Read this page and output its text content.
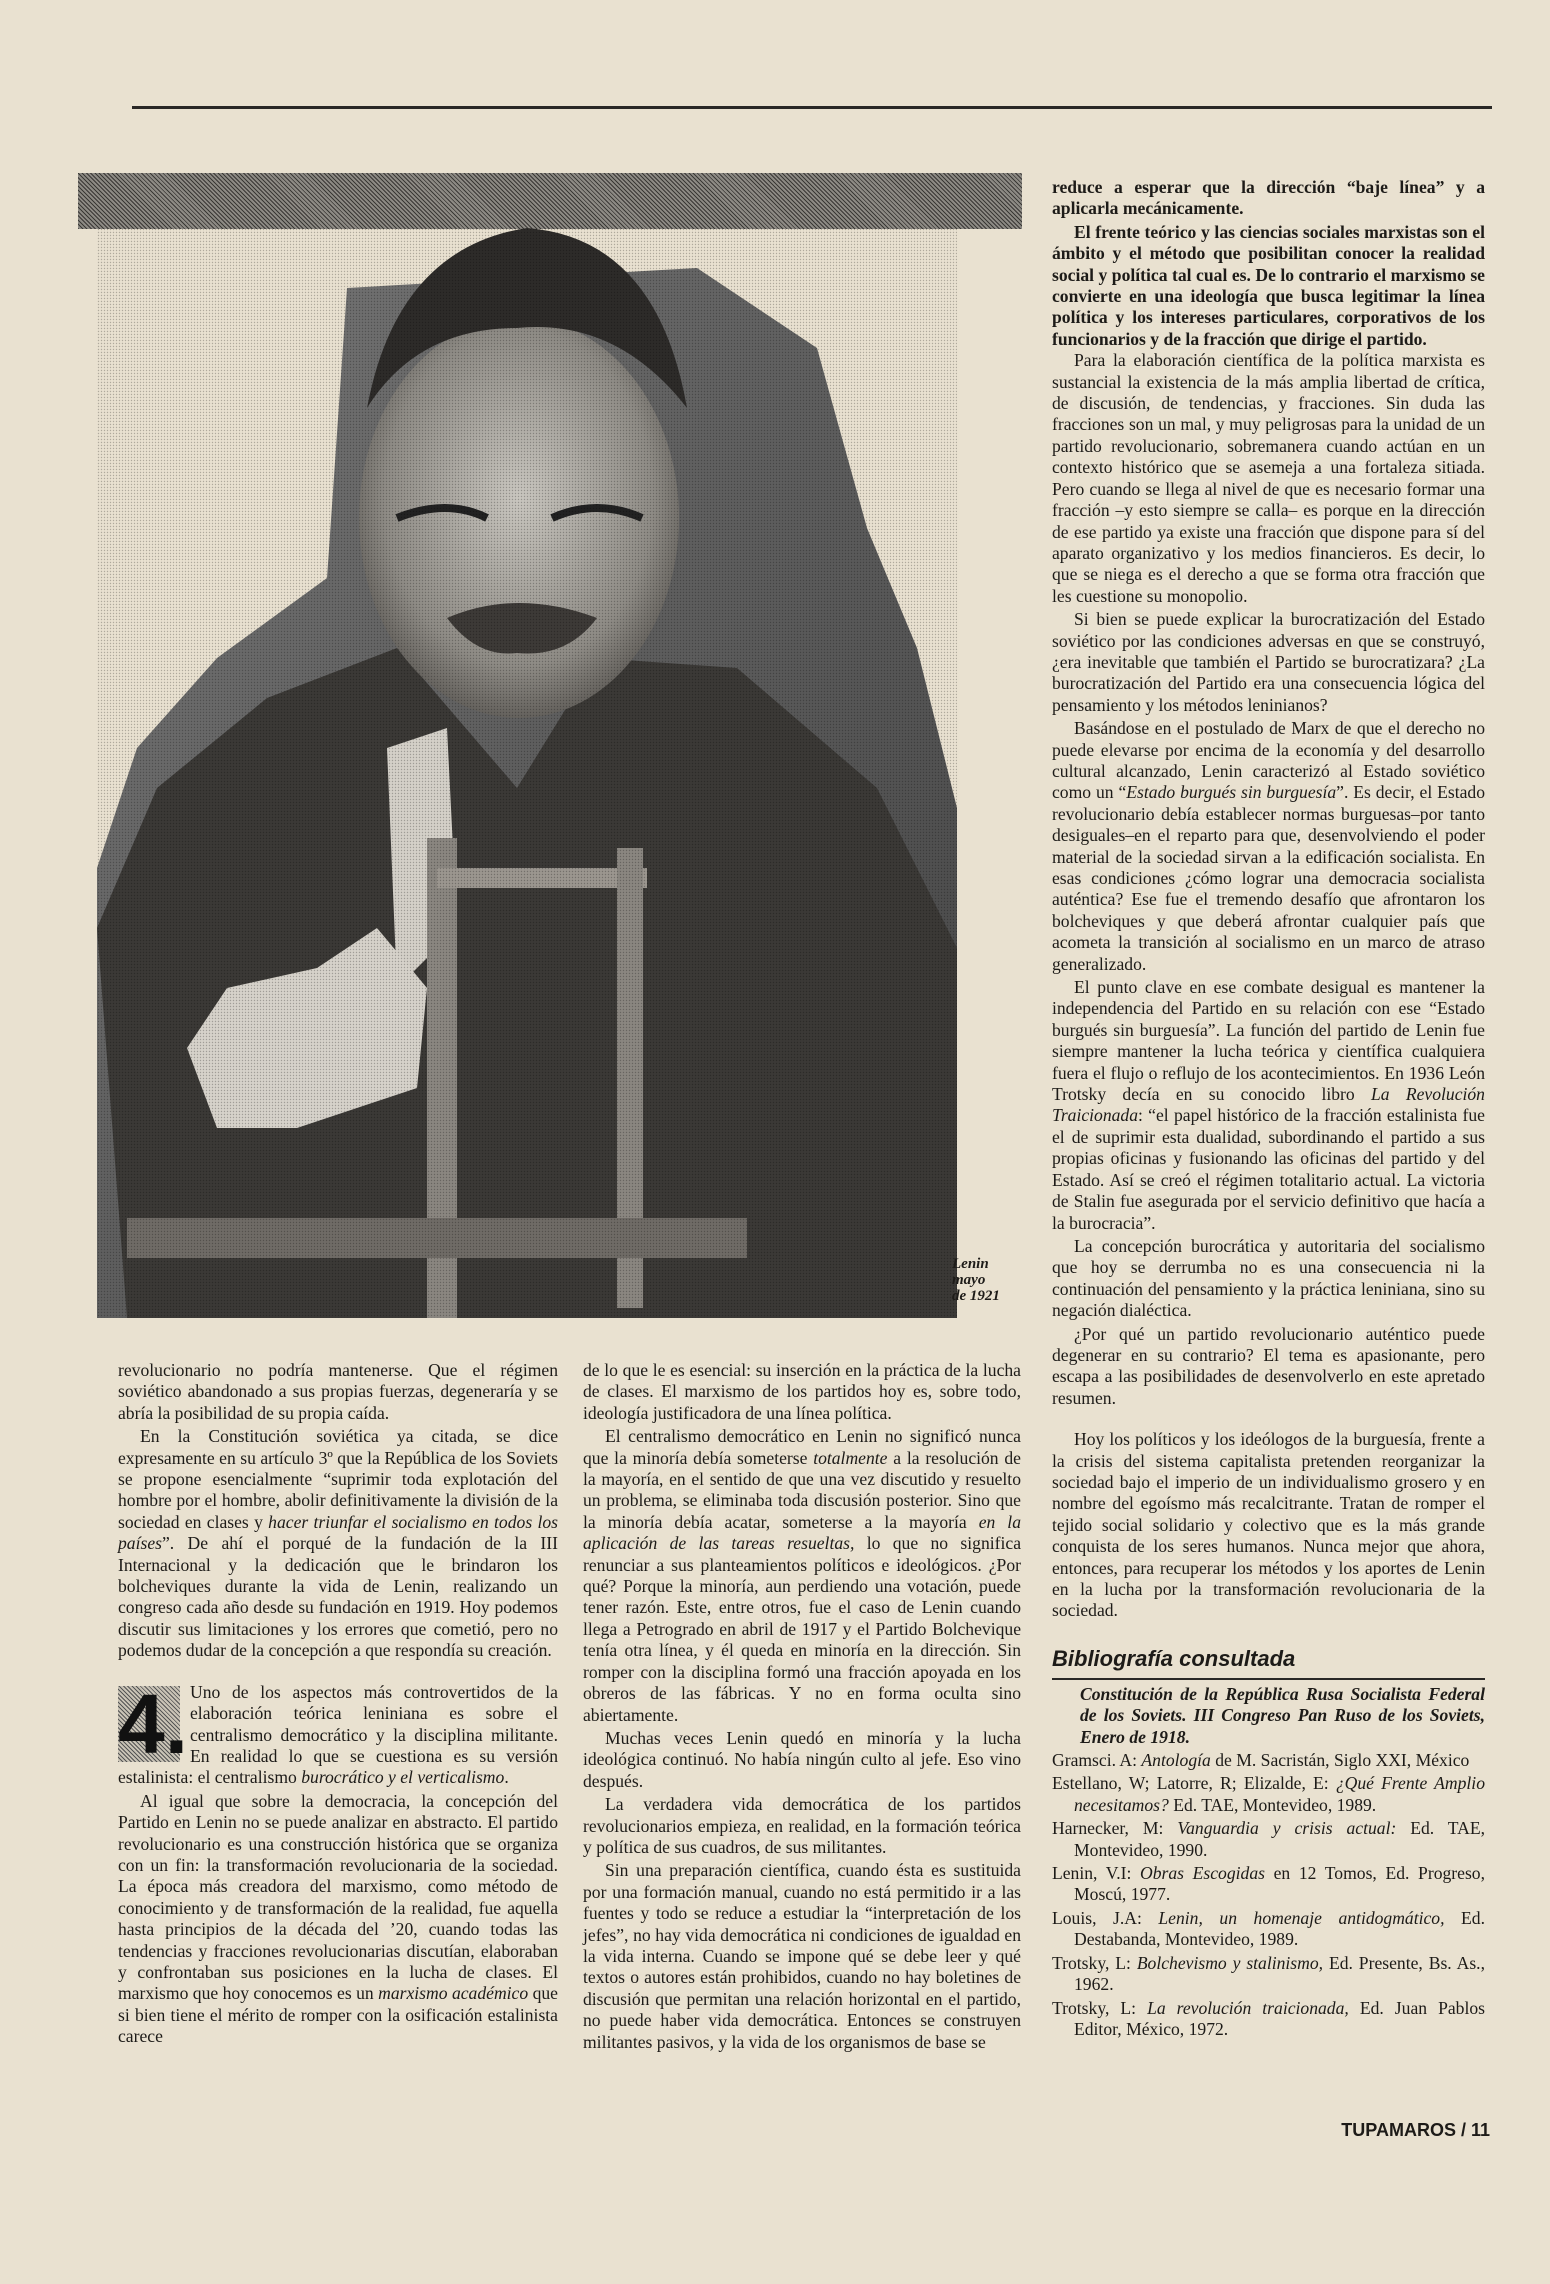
Lenin
mayo
de 1921

revolucionario no podría mantenerse. Que el régimen soviético abandonado a sus propias fuerzas, degeneraría y se abría la posibilidad de su propia caída.

En la Constitución soviética ya citada, se dice expresamente en su artículo 3º que la República de los Soviets se propone esencialmente “suprimir toda explotación del hombre por el hombre, abolir definitivamente la división de la sociedad en clases y hacer triunfar el socialismo en todos los países”. De ahí el porqué de la fundación de la III Internacional y la dedicación que le brindaron los bolcheviques durante la vida de Lenin, realizando un congreso cada año desde su fundación en 1919. Hoy podemos discutir sus limitaciones y los errores que cometió, pero no podemos dudar de la concepción a que respondía su creación.

4. Uno de los aspectos más controvertidos de la elaboración teórica leniniana es sobre el centralismo democrático y la disciplina militante. En realidad lo que se cuestiona es su versión estalinista: el centralismo burocrático y el verticalismo.

Al igual que sobre la democracia, la concepción del Partido en Lenin no se puede analizar en abstracto. El partido revolucionario es una construcción histórica que se organiza con un fin: la transformación revolucionaria de la sociedad. La época más creadora del marxismo, como método de conocimiento y de transformación de la realidad, fue aquella hasta principios de la década del ’20, cuando todas las tendencias y fracciones revolucionarias discutían, elaboraban y confrontaban sus posiciones en la lucha de clases. El marxismo que hoy conocemos es un marxismo académico que si bien tiene el mérito de romper con la osificación estalinista carece

de lo que le es esencial: su inserción en la práctica de la lucha de clases. El marxismo de los partidos hoy es, sobre todo, ideología justificadora de una línea política.

El centralismo democrático en Lenin no significó nunca que la minoría debía someterse totalmente a la resolución de la mayoría, en el sentido de que una vez discutido y resuelto un problema, se eliminaba toda discusión posterior. Sino que la minoría debía acatar, someterse a la mayoría en la aplicación de las tareas resueltas, lo que no significa renunciar a sus planteamientos políticos e ideológicos. ¿Por qué? Porque la minoría, aun perdiendo una votación, puede tener razón. Este, entre otros, fue el caso de Lenin cuando llega a Petrogrado en abril de 1917 y el Partido Bolchevique tenía otra línea, y él queda en minoría en la dirección. Sin romper con la disciplina formó una fracción apoyada en los obreros de las fábricas. Y no en forma oculta sino abiertamente.

Muchas veces Lenin quedó en minoría y la lucha ideológica continuó. No había ningún culto al jefe. Eso vino después.

La verdadera vida democrática de los partidos revolucionarios empieza, en realidad, en la formación teórica y política de sus cuadros, de sus militantes.

Sin una preparación científica, cuando ésta es sustituida por una formación manual, cuando no está permitido ir a las fuentes y todo se reduce a estudiar la “interpretación de los jefes”, no hay vida democrática ni condiciones de igualdad en la vida interna. Cuando se impone qué se debe leer y qué textos o autores están prohibidos, cuando no hay boletines de discusión que permitan una relación horizontal en el partido, no puede haber vida democrática. Entonces se construyen militantes pasivos, y la vida de los organismos de base se

reduce a esperar que la dirección “baje línea” y a aplicarla mecánicamente.

El frente teórico y las ciencias sociales marxistas son el ámbito y el método que posibilitan conocer la realidad social y política tal cual es. De lo contrario el marxismo se convierte en una ideología que busca legitimar la línea política y los intereses particulares, corporativos de los funcionarios y de la fracción que dirige el partido.

Para la elaboración científica de la política marxista es sustancial la existencia de la más amplia libertad de crítica, de discusión, de tendencias, y fracciones. Sin duda las fracciones son un mal, y muy peligrosas para la unidad de un partido revolucionario, sobremanera cuando actúan en un contexto histórico que se asemeja a una fortaleza sitiada. Pero cuando se llega al nivel de que es necesario formar una fracción –y esto siempre se calla– es porque en la dirección de ese partido ya existe una fracción que dispone para sí del aparato organizativo y los medios financieros. Es decir, lo que se niega es el derecho a que se forma otra fracción que les cuestione su monopolio.

Si bien se puede explicar la burocratización del Estado soviético por las condiciones adversas en que se construyó, ¿era inevitable que también el Partido se burocratizara? ¿La burocratización del Partido era una consecuencia lógica del pensamiento y los métodos leninianos?

Basándose en el postulado de Marx de que el derecho no puede elevarse por encima de la economía y del desarrollo cultural alcanzado, Lenin caracterizó al Estado soviético como un “Estado burgués sin burguesía”. Es decir, el Estado revolucionario debía establecer normas burguesas–por tanto desiguales–en el reparto para que, desenvolviendo el poder material de la sociedad sirvan a la edificación socialista. En esas condiciones ¿cómo lograr una democracia socialista auténtica? Ese fue el tremendo desafío que afrontaron los bolcheviques y que deberá afrontar cualquier país que acometa la transición al socialismo en un marco de atraso generalizado.

El punto clave en ese combate desigual es mantener la independencia del Partido en su relación con ese “Estado burgués sin burguesía”. La función del partido de Lenin fue siempre mantener la lucha teórica y científica cualquiera fuera el flujo o reflujo de los acontecimientos. En 1936 León Trotsky decía en su conocido libro La Revolución Traicionada: “el papel histórico de la fracción estalinista fue el de suprimir esta dualidad, subordinando el partido a sus propias oficinas y fusionando las oficinas del partido y del Estado. Así se creó el régimen totalitario actual. La victoria de Stalin fue asegurada por el servicio definitivo que hacía a la burocracia”.

La concepción burocrática y autoritaria del socialismo que hoy se derrumba no es una consecuencia ni la continuación del pensamiento y la práctica leniniana, sino su negación dialéctica.

¿Por qué un partido revolucionario auténtico puede degenerar en su contrario? El tema es apasionante, pero escapa a las posibilidades de desenvolverlo en este apretado resumen.

Hoy los políticos y los ideólogos de la burguesía, frente a la crisis del sistema capitalista pretenden reorganizar la sociedad bajo el imperio de un individualismo grosero y en nombre del egoísmo más recalcitrante. Tratan de romper el tejido social solidario y colectivo que es la más grande conquista de los seres humanos. Nunca mejor que ahora, entonces, para recuperar los métodos y los aportes de Lenin en la lucha por la transformación revolucionaria de la sociedad.

Bibliografía consultada

Constitución de la República Rusa Socialista Federal de los Soviets. III Congreso Pan Ruso de los Soviets, Enero de 1918.

Gramsci. A: Antología de M. Sacristán, Siglo XXI, México

Estellano, W; Latorre, R; Elizalde, E: ¿Qué Frente Amplio necesitamos? Ed. TAE, Montevideo, 1989.

Harnecker, M: Vanguardia y crisis actual: Ed. TAE, Montevideo, 1990.

Lenin, V.I: Obras Escogidas en 12 Tomos, Ed. Progreso, Moscú, 1977.

Louis, J.A: Lenin, un homenaje antidogmático, Ed. Destabanda, Montevideo, 1989.

Trotsky, L: Bolchevismo y stalinismo, Ed. Presente, Bs. As., 1962.

Trotsky, L: La revolución traicionada, Ed. Juan Pablos Editor, México, 1972.

TUPAMAROS / 11
